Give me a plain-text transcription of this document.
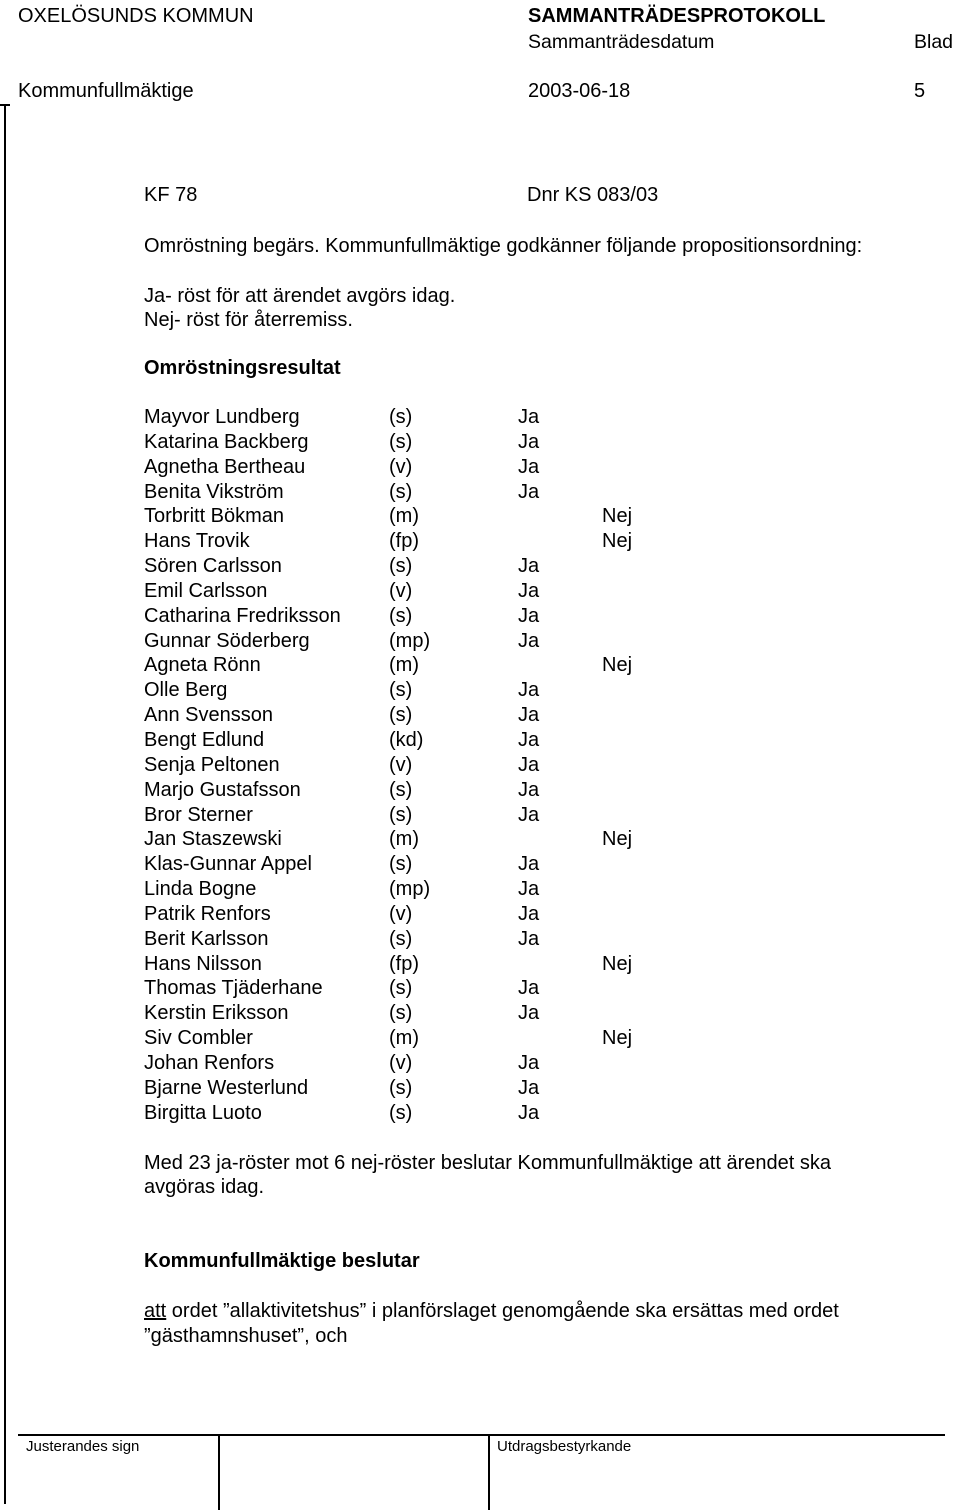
OXELÖSUNDS KOMMUN	SAMMANTRÄDESPROTOKOLL
Sammanträdesdatum	Blad
Kommunfullmäktige	2003-06-18	5
KF 78	Dnr KS 083/03
Omröstning begärs. Kommunfullmäktige godkänner följande propositionsordning:
Ja- röst för att ärendet avgörs idag.
Nej- röst för återremiss.
Omröstningsresultat
Mayvor Lundberg	(s)	Ja
Katarina Backberg	(s)	Ja
Agnetha Bertheau	(v)	Ja
Benita Vikström	(s)	Ja
Torbritt Bökman	(m)	Nej
Hans Trovik	(fp)	Nej
Sören Carlsson	(s)	Ja
Emil Carlsson	(v)	Ja
Catharina Fredriksson (s)	Ja
Gunnar Söderberg	(mp)	Ja
Agneta Rönn	(m)	Nej
Olle Berg	(s)	Ja
Ann Svensson	(s)	Ja
Bengt Edlund	(kd)	Ja
Senja Peltonen	(v)	Ja
Marjo Gustafsson	(s)	Ja
Bror Sterner	(s)	Ja
Jan Staszewski	(m)	Nej
Klas-Gunnar Appel	(s)	Ja
Linda Bogne	(mp)	Ja
Patrik Renfors	(v)	Ja
Berit Karlsson	(s)	Ja
Hans Nilsson	(fp)	Nej
Thomas Tjäderhane	(s)	Ja
Kerstin Eriksson	(s)	Ja
Siv Combler	(m)	Nej
Johan Renfors	(v)	Ja
Bjarne Westerlund	(s)	Ja
Birgitta Luoto	(s)	Ja
Med 23 ja-röster mot 6 nej-röster beslutar Kommunfullmäktige att ärendet ska
avgöras idag.
Kommunfullmäktige beslutar
att ordet ”allaktivitetshus” i planförslaget genomgående ska ersättas med ordet
”gästhamnshuset”, och
Justerandes sign	Utdragsbestyrkande
